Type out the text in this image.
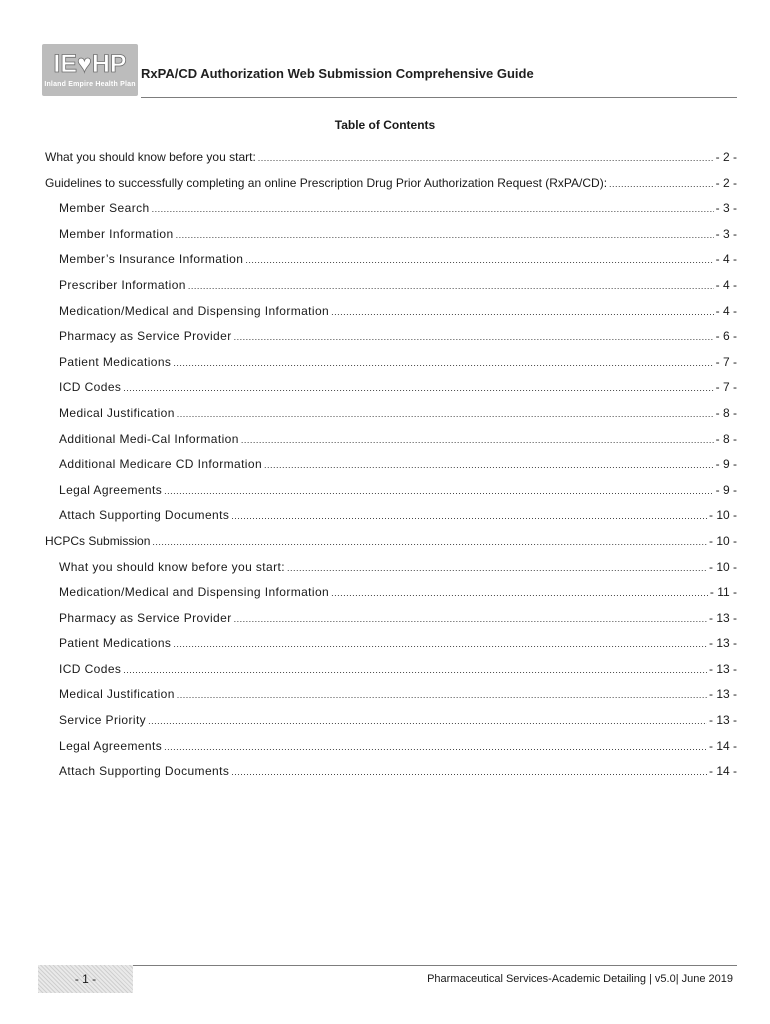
IE♥HP
Inland Empire Health Plan
RxPA/CD Authorization Web Submission Comprehensive Guide
Table of Contents
What you should know before you start: .....	- 2 -
Guidelines to successfully completing an online Prescription Drug Prior Authorization Request (RxPA/CD): .....	- 2 -
Member Search .....	- 3 -
Member Information .....	- 3 -
Member’s Insurance Information .....	- 4 -
Prescriber Information .....	- 4 -
Medication/Medical and Dispensing Information .....	- 4 -
Pharmacy as Service Provider .....	- 6 -
Patient Medications .....	- 7 -
ICD Codes .....	- 7 -
Medical Justification .....	- 8 -
Additional Medi-Cal Information .....	- 8 -
Additional Medicare CD Information .....	- 9 -
Legal Agreements .....	- 9 -
Attach Supporting Documents .....	- 10 -
HCPCs Submission .....	- 10 -
What you should know before you start: .....	- 10 -
Medication/Medical and Dispensing Information .....	- 11 -
Pharmacy as Service Provider .....	- 13 -
Patient Medications .....	- 13 -
ICD Codes .....	- 13 -
Medical Justification .....	- 13 -
Service Priority .....	- 13 -
Legal Agreements .....	- 14 -
Attach Supporting Documents .....	- 14 -
- 1 -	Pharmaceutical Services-Academic Detailing | v5.0| June 2019
